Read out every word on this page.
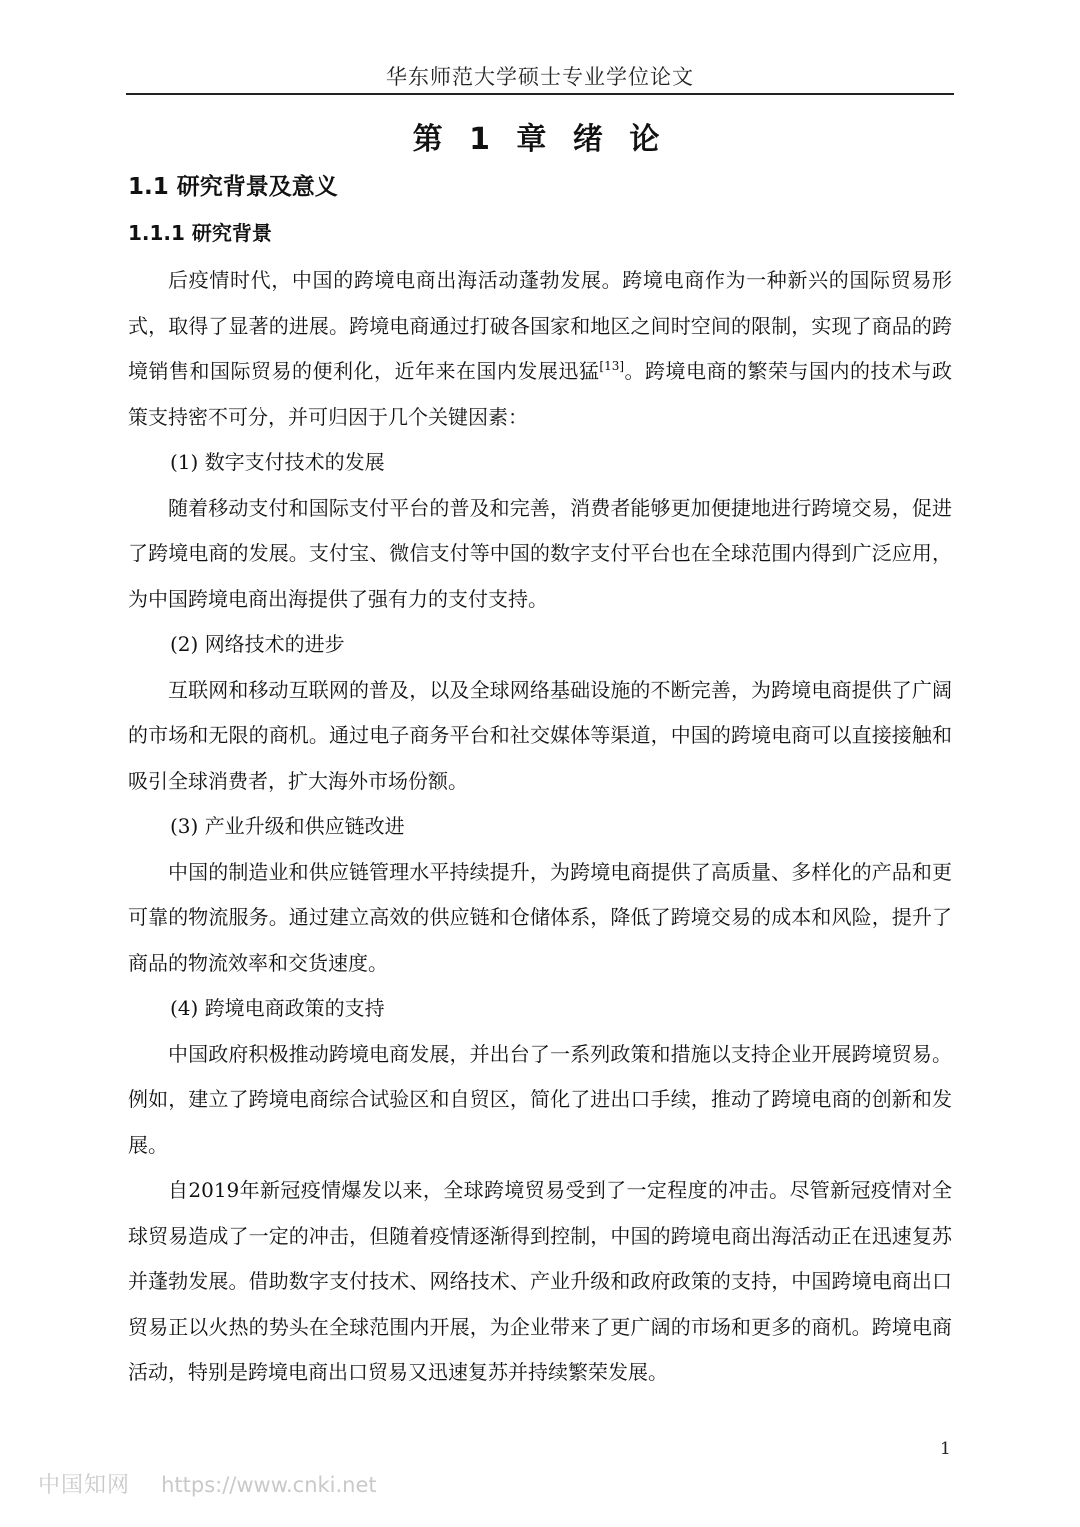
华东师范大学硕士专业学位论文
第 1 章 绪 论
1.1 研究背景及意义
1.1.1 研究背景

后疫情时代，中国的跨境电商出海活动蓬勃发展。跨境电商作为一种新兴的国际贸易形式，取得了显著的进展。跨境电商通过打破各国家和地区之间时空间的限制，实现了商品的跨境销售和国际贸易的便利化，近年来在国内发展迅猛[13]。跨境电商的繁荣与国内的技术与政策支持密不可分，并可归因于几个关键因素：

(1) 数字支付技术的发展

随着移动支付和国际支付平台的普及和完善，消费者能够更加便捷地进行跨境交易，促进了跨境电商的发展。支付宝、微信支付等中国的数字支付平台也在全球范围内得到广泛应用，为中国跨境电商出海提供了强有力的支付支持。

(2) 网络技术的进步

互联网和移动互联网的普及，以及全球网络基础设施的不断完善，为跨境电商提供了广阔的市场和无限的商机。通过电子商务平台和社交媒体等渠道，中国的跨境电商可以直接接触和吸引全球消费者，扩大海外市场份额。

(3) 产业升级和供应链改进

中国的制造业和供应链管理水平持续提升，为跨境电商提供了高质量、多样化的产品和更可靠的物流服务。通过建立高效的供应链和仓储体系，降低了跨境交易的成本和风险，提升了商品的物流效率和交货速度。

(4) 跨境电商政策的支持

中国政府积极推动跨境电商发展，并出台了一系列政策和措施以支持企业开展跨境贸易。例如，建立了跨境电商综合试验区和自贸区，简化了进出口手续，推动了跨境电商的创新和发展。

自2019年新冠疫情爆发以来，全球跨境贸易受到了一定程度的冲击。尽管新冠疫情对全球贸易造成了一定的冲击，但随着疫情逐渐得到控制，中国的跨境电商出海活动正在迅速复苏并蓬勃发展。借助数字支付技术、网络技术、产业升级和政府政策的支持，中国跨境电商出口贸易正以火热的势头在全球范围内开展，为企业带来了更广阔的市场和更多的商机。跨境电商活动，特别是跨境电商出口贸易又迅速复苏并持续繁荣发展。

1
中国知网 https://www.cnki.net
